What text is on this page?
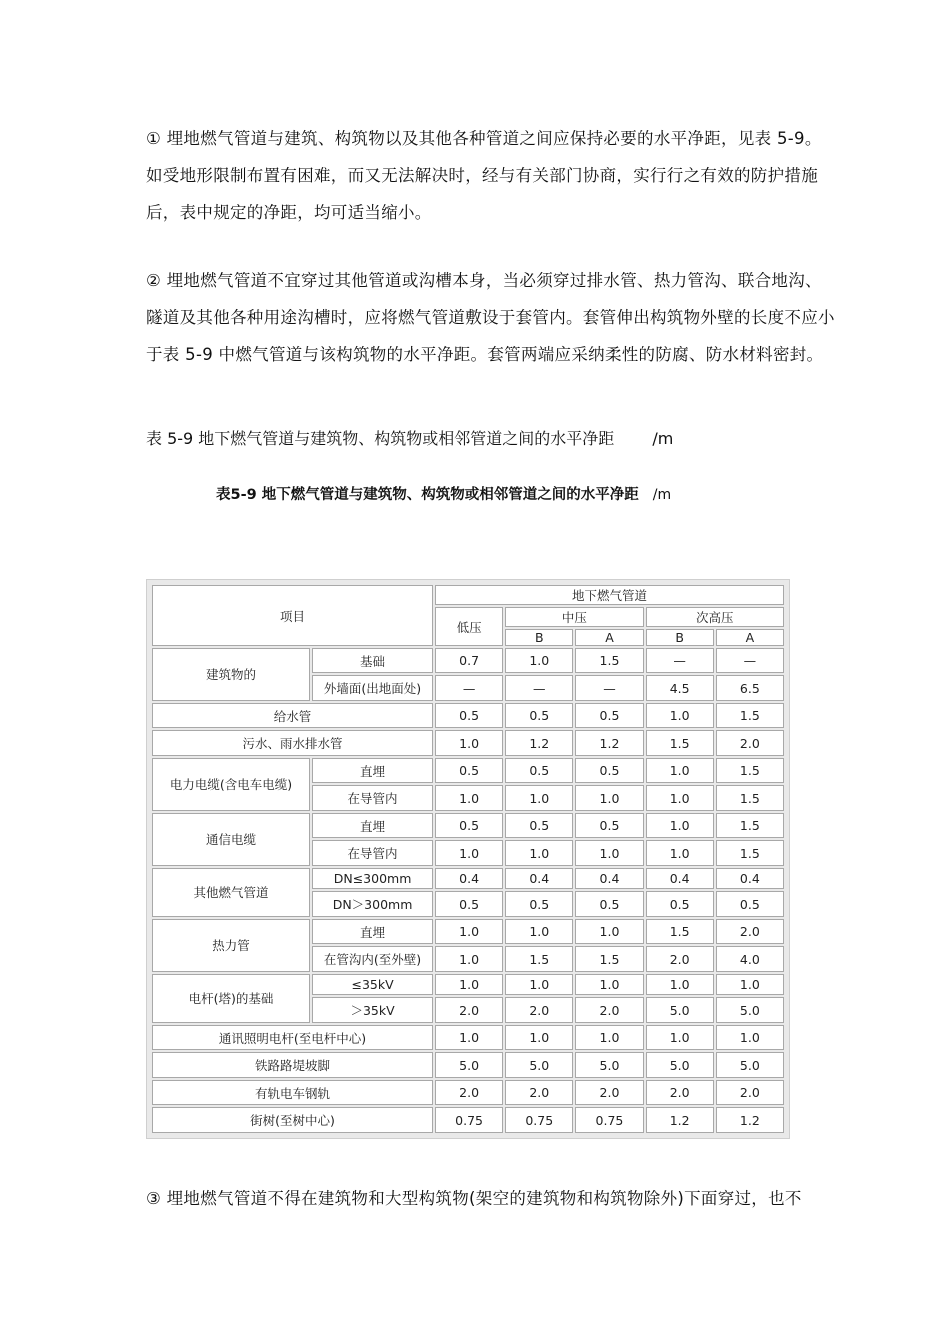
① 埋地燃气管道与建筑、构筑物以及其他各种管道之间应保持必要的水平净距，见表 5-9。如受地形限制布置有困难，而又无法解决时，经与有关部门协商，实行行之有效的防护措施后，表中规定的净距，均可适当缩小。

② 埋地燃气管道不宜穿过其他管道或沟槽本身，当必须穿过排水管、热力管沟、联合地沟、隧道及其他各种用途沟槽时，应将燃气管道敷设于套管内。套管伸出构筑物外壁的长度不应小于表 5-9 中燃气管道与该构筑物的水平净距。套管两端应采纳柔性的防腐、防水材料密封。

表 5-9 地下燃气管道与建筑物、构筑物或相邻管道之间的水平净距 /m
表5-9 地下燃气管道与建筑物、构筑物或相邻管道之间的水平净距 /m
项目		地下燃气管道				
		低压	中压		次高压	
			B	A	B	A
建筑物的	基础	0.7	1.0	1.5	—	—
	外墙面(出地面处)	—	—	—	4.5	6.5
给水管		0.5	0.5	0.5	1.0	1.5
污水、雨水排水管		1.0	1.2	1.2	1.5	2.0
电力电缆(含电车电缆)	直埋	0.5	0.5	0.5	1.0	1.5
	在导管内	1.0	1.0	1.0	1.0	1.5
通信电缆	直埋	0.5	0.5	0.5	1.0	1.5
	在导管内	1.0	1.0	1.0	1.0	1.5
其他燃气管道	DN≤300mm	0.4	0.4	0.4	0.4	0.4
	DN＞300mm	0.5	0.5	0.5	0.5	0.5
热力管	直埋	1.0	1.0	1.0	1.5	2.0
	在管沟内(至外壁)	1.0	1.5	1.5	2.0	4.0
电杆(塔)的基础	≤35kV	1.0	1.0	1.0	1.0	1.0
	＞35kV	2.0	2.0	2.0	5.0	5.0
通讯照明电杆(至电杆中心)		1.0	1.0	1.0	1.0	1.0
铁路路堤坡脚		5.0	5.0	5.0	5.0	5.0
有轨电车钢轨		2.0	2.0	2.0	2.0	2.0
街树(至树中心)		0.75	0.75	0.75	1.2	1.2

③ 埋地燃气管道不得在建筑物和大型构筑物(架空的建筑物和构筑物除外)下面穿过，也不
